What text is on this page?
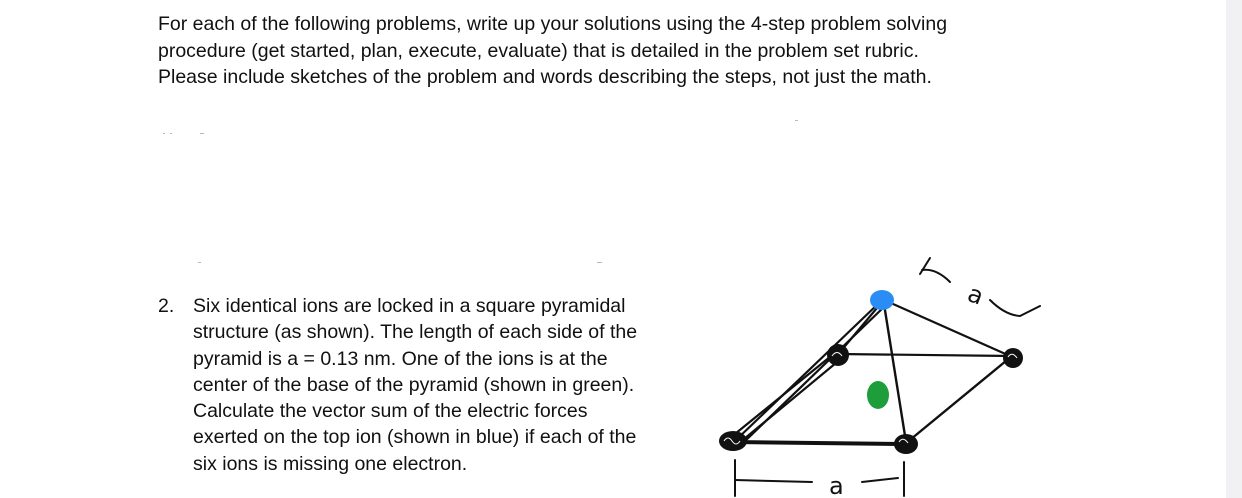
For each of the following problems, write up your solutions using the 4-step problem solving
procedure (get started, plan, execute, evaluate) that is detailed in the problem set rubric.
Please include sketches of the problem and words describing the steps, not just the math.
2. Six identical ions are locked in a square pyramidal
structure (as shown). The length of each side of the
pyramid is a = 0.13 nm. One of the ions is at the
center of the base of the pyramid (shown in green).
Calculate the vector sum of the electric forces
exerted on the top ion (shown in blue) if each of the
six ions is missing one electron.
a
a
